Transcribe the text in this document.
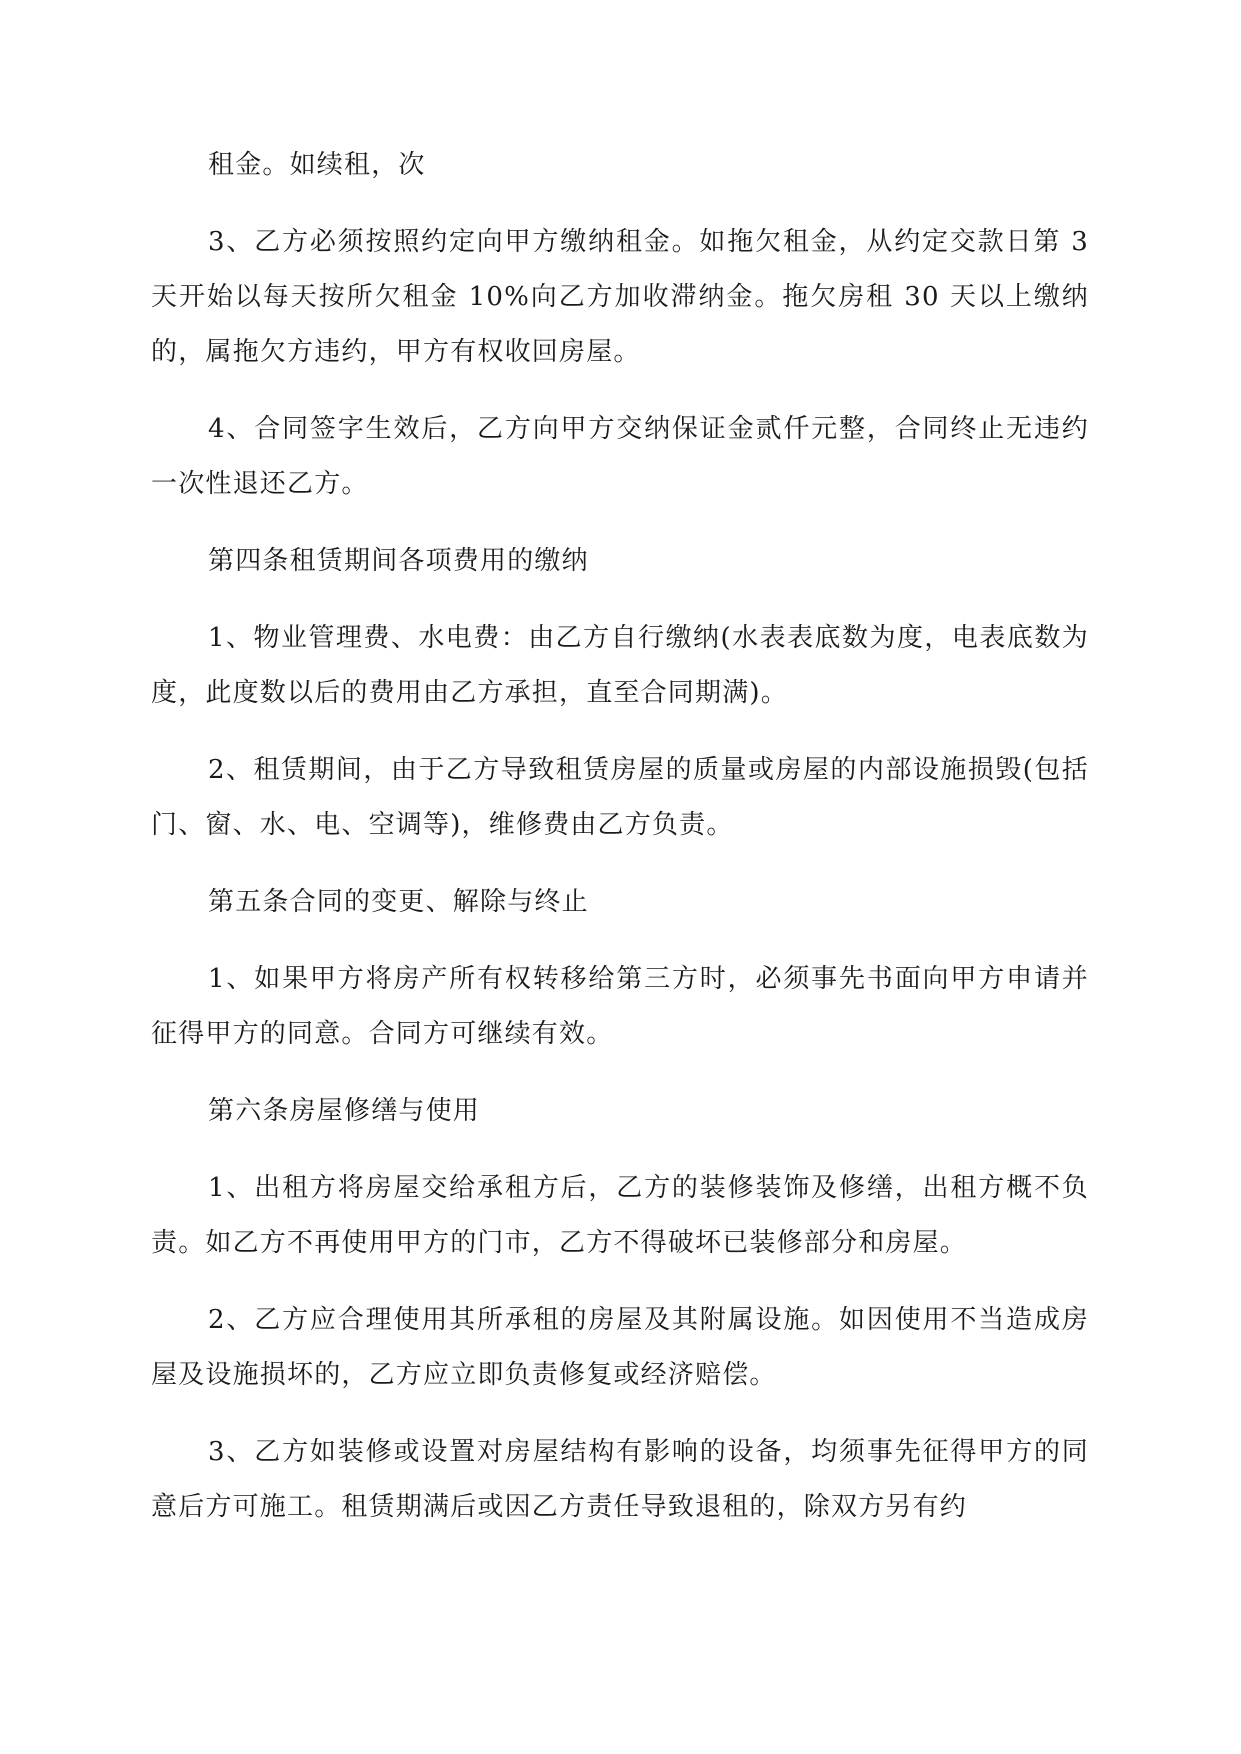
租金。如续租，次

3、乙方必须按照约定向甲方缴纳租金。如拖欠租金，从约定交款日第 3 天开始以每天按所欠租金 10%向乙方加收滞纳金。拖欠房租 30 天以上缴纳的，属拖欠方违约，甲方有权收回房屋。

4、合同签字生效后，乙方向甲方交纳保证金贰仟元整，合同终止无违约一次性退还乙方。

第四条租赁期间各项费用的缴纳

1、物业管理费、水电费：由乙方自行缴纳(水表表底数为度，电表底数为度，此度数以后的费用由乙方承担，直至合同期满)。

2、租赁期间，由于乙方导致租赁房屋的质量或房屋的内部设施损毁(包括门、窗、水、电、空调等)，维修费由乙方负责。

第五条合同的变更、解除与终止

1、如果甲方将房产所有权转移给第三方时，必须事先书面向甲方申请并征得甲方的同意。合同方可继续有效。

第六条房屋修缮与使用

1、出租方将房屋交给承租方后，乙方的装修装饰及修缮，出租方概不负责。如乙方不再使用甲方的门市，乙方不得破坏已装修部分和房屋。

2、乙方应合理使用其所承租的房屋及其附属设施。如因使用不当造成房屋及设施损坏的，乙方应立即负责修复或经济赔偿。

3、乙方如装修或设置对房屋结构有影响的设备，均须事先征得甲方的同意后方可施工。租赁期满后或因乙方责任导致退租的，除双方另有约
